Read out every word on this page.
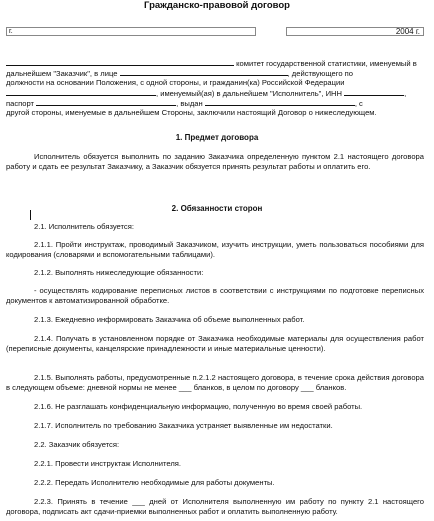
Гражданско-правовой договор
г.	2004 г.
комитет государственной статистики, именуемый в
дальнейшем "Заказчик", в лице	, действующего по
должности на основании Положения, с одной стороны, и гражданин(ка) Российской Федерации
, именуемый(ая) в дальнейшем "Исполнитель", ИНН	,
паспорт	, выдан	, с
другой стороны, именуемые в дальнейшем Стороны, заключили настоящий Договор о нижеследующем.
1. Предмет договора
Исполнитель обязуется выполнить по заданию Заказчика определенную пунктом 2.1 настоящего договора работу и сдать ее результат Заказчику, а Заказчик обязуется принять результат работы и оплатить его.
2. Обязанности сторон
2.1. Исполнитель обязуется:
2.1.1. Пройти инструктаж, проводимый Заказчиком, изучить инструкции, уметь пользоваться пособиями для кодирования (словарями и вспомогательными таблицами).
2.1.2. Выполнять нижеследующие обязанности:
- осуществлять кодирование переписных листов в соответствии с инструкциями по подготовке переписных документов к автоматизированной обработке.
2.1.3. Ежедневно информировать Заказчика об объеме выполненных работ.
2.1.4. Получать в установленном порядке от Заказчика необходимые материалы для осуществления работ (переписные документы, канцелярские принадлежности и иные материальные ценности).
2.1.5. Выполнять работы, предусмотренные п.2.1.2 настоящего договора, в течение срока действия договора в следующем объеме: дневной нормы не менее ___ бланков, в целом по договору ___ бланков.
2.1.6. Не разглашать конфиденциальную информацию, полученную во время своей работы.
2.1.7. Исполнитель по требованию Заказчика устраняет выявленные им недостатки.
2.2. Заказчик обязуется:
2.2.1. Провести инструктаж Исполнителя.
2.2.2. Передать Исполнителю необходимые для работы документы.
2.2.3. Принять в течение ___ дней от Исполнителя выполненную им работу по пункту 2.1 настоящего договора, подписать акт сдачи-приемки выполненных работ и оплатить выполненную работу.
